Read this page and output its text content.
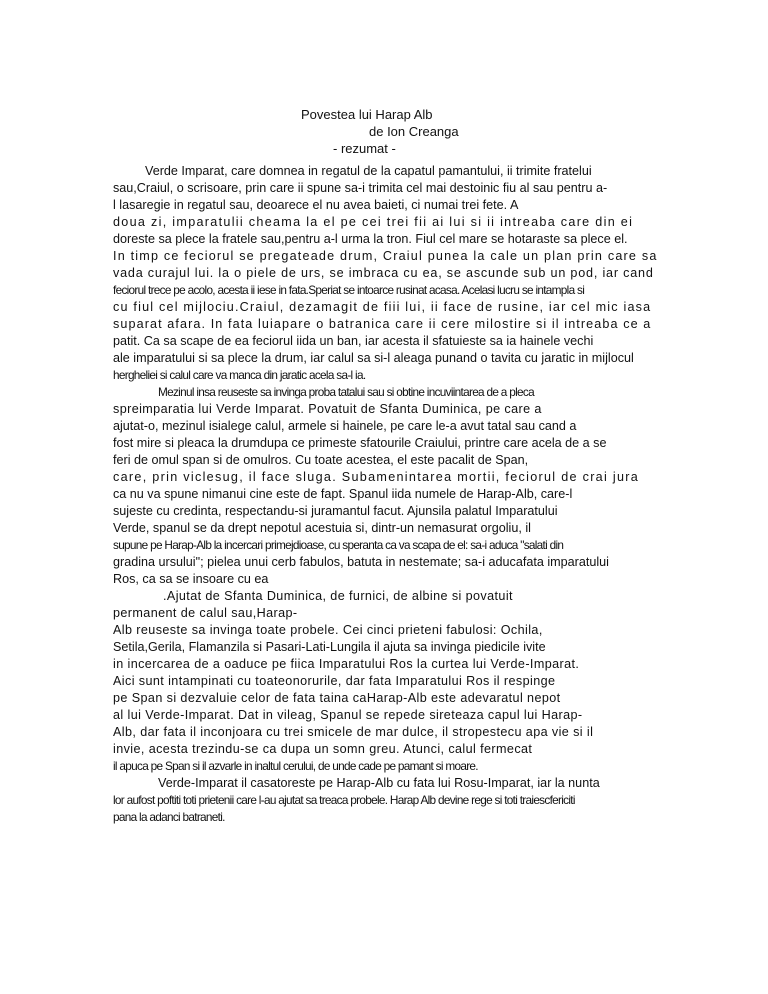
Povestea lui Harap Alb
de Ion Creanga
- rezumat -
Verde Imparat, care domnea in regatul de la capatul pamantului, ii trimite fratelui
sau,Craiul, o scrisoare, prin care ii spune sa-i trimita cel mai destoinic fiu al sau pentru a-
l lasaregie in regatul sau, deoarece el nu avea baieti, ci numai trei fete. A
doua zi, imparatulii cheama la el pe cei trei fii ai lui si ii intreaba care din ei
doreste sa plece la fratele sau,pentru a-l urma la tron. Fiul cel mare se hotaraste sa plece el.
In timp ce feciorul se pregateade drum, Craiul punea la cale un plan prin care sa
vada curajul lui. la o piele de urs, se imbraca cu ea, se ascunde sub un pod, iar cand
feciorul trece pe acolo, acesta ii iese in fata.Speriat se intoarce rusinat acasa. Acelasi lucru se intampla si
cu fiul cel mijlociu.Craiul, dezamagit de fiii lui, ii face de rusine, iar cel mic iasa
suparat afara. In fata luiapare o batranica care ii cere milostire si il intreaba ce a
patit. Ca sa scape de ea feciorul iida un ban, iar acesta il sfatuieste sa ia hainele vechi
ale imparatului si sa plece la drum, iar calul sa si-l aleaga punand o tavita cu jaratic in mijlocul
hergheliei si calul care va manca din jaratic acela sa-l ia.
Mezinul insa reuseste sa invinga proba tatalui sau si obtine incuviintarea de a pleca
spreimparatia lui Verde Imparat. Povatuit de Sfanta Duminica, pe care a
ajutat-o, mezinul isialege calul, armele si hainele, pe care le-a avut tatal sau cand a
fost mire si pleaca la drumdupa ce primeste sfatourile Craiului, printre care acela de a se
feri de omul span si de omulros. Cu toate acestea, el este pacalit de Span,
care, prin viclesug, il face sluga. Subamenintarea mortii, feciorul de crai jura
ca nu va spune nimanui cine este de fapt. Spanul iida numele de Harap-Alb, care-l
sujeste cu credinta, respectandu-si juramantul facut. Ajunsila palatul Imparatului
Verde, spanul se da drept nepotul acestuia si, dintr-un nemasurat orgoliu, il
supune pe Harap-Alb la incercari primejdioase, cu speranta ca va scapa de el: sa-i aduca "salati din
gradina ursului"; pielea unui cerb fabulos, batuta in nestemate; sa-i aducafata imparatului
Ros, ca sa se insoare cu ea
.Ajutat de Sfanta Duminica, de furnici, de albine si povatuit
permanent de calul sau,Harap-
Alb reuseste sa invinga toate probele. Cei cinci prieteni fabulosi: Ochila,
Setila,Gerila, Flamanzila si Pasari-Lati-Lungila il ajuta sa invinga piedicile ivite
in incercarea de a oaduce pe fiica Imparatului Ros la curtea lui Verde-Imparat.
Aici sunt intampinati cu toateonorurile, dar fata Imparatului Ros il respinge
pe Span si dezvaluie celor de fata taina caHarap-Alb este adevaratul nepot
al lui Verde-Imparat. Dat in vileag, Spanul se repede sireteaza capul lui Harap-
Alb, dar fata il inconjoara cu trei smicele de mar dulce, il stropestecu apa vie si il
invie, acesta trezindu-se ca dupa un somn greu. Atunci, calul fermecat
il apuca pe Span si il azvarle in inaltul cerului, de unde cade pe pamant si moare.
Verde-Imparat il casatoreste pe Harap-Alb cu fata lui Rosu-Imparat, iar la nunta
lor aufost poftiti toti prietenii care l-au ajutat sa treaca probele. Harap Alb devine rege si toti traiescfericiti
pana la adanci batraneti.
